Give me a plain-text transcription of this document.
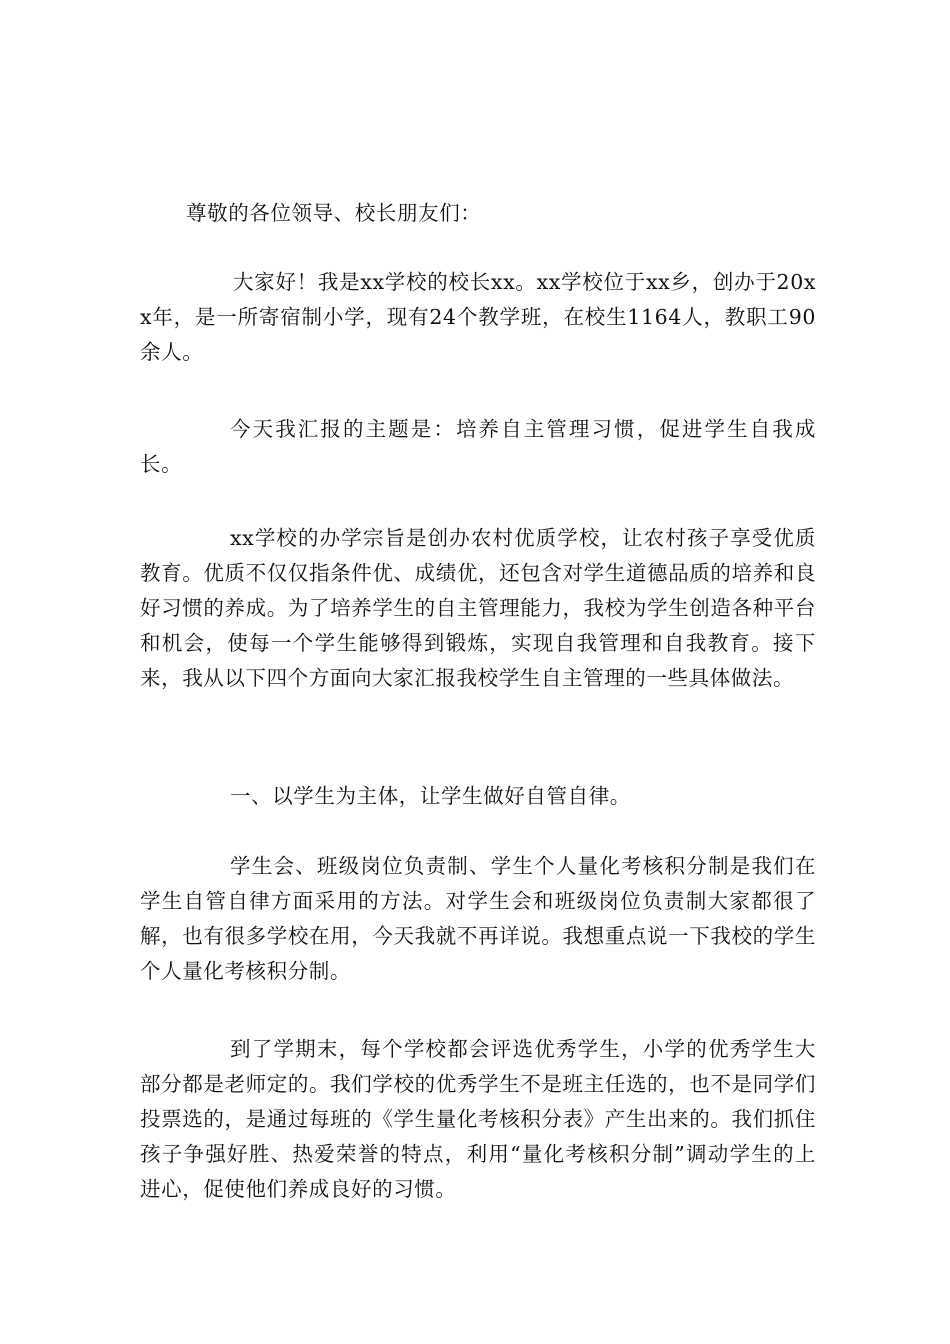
尊敬的各位领导、校长朋友们：

大家好！我是xx学校的校长xx。xx学校位于xx乡，创办于20xx年，是一所寄宿制小学，现有24个教学班，在校生1164人，教职工90余人。

今天我汇报的主题是：培养自主管理习惯，促进学生自我成长。

xx学校的办学宗旨是创办农村优质学校，让农村孩子享受优质教育。优质不仅仅指条件优、成绩优，还包含对学生道德品质的培养和良好习惯的养成。为了培养学生的自主管理能力，我校为学生创造各种平台和机会，使每一个学生能够得到锻炼，实现自我管理和自我教育。接下来，我从以下四个方面向大家汇报我校学生自主管理的一些具体做法。

一、以学生为主体，让学生做好自管自律。

学生会、班级岗位负责制、学生个人量化考核积分制是我们在学生自管自律方面采用的方法。对学生会和班级岗位负责制大家都很了解，也有很多学校在用，今天我就不再详说。我想重点说一下我校的学生个人量化考核积分制。

到了学期末，每个学校都会评选优秀学生，小学的优秀学生大部分都是老师定的。我们学校的优秀学生不是班主任选的，也不是同学们投票选的，是通过每班的《学生量化考核积分表》产生出来的。我们抓住孩子争强好胜、热爱荣誉的特点，利用“量化考核积分制”调动学生的上进心，促使他们养成良好的习惯。
